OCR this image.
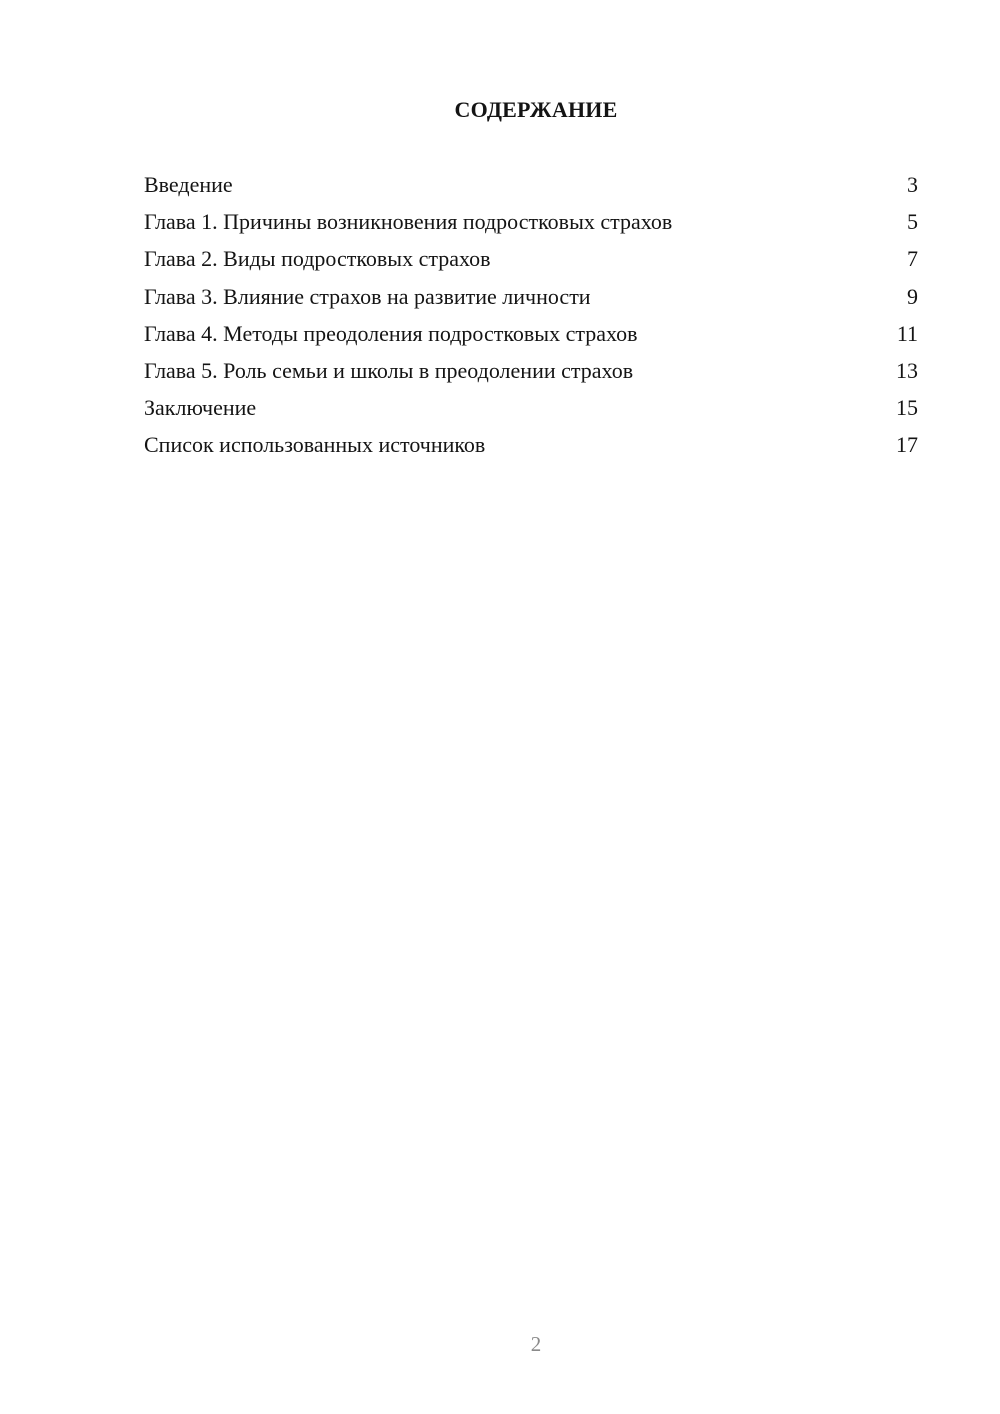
СОДЕРЖАНИЕ
Введение	3
Глава 1. Причины возникновения подростковых страхов	5
Глава 2. Виды подростковых страхов	7
Глава 3. Влияние страхов на развитие личности	9
Глава 4. Методы преодоления подростковых страхов	11
Глава 5. Роль семьи и школы в преодолении страхов	13
Заключение	15
Список использованных источников	17
2
